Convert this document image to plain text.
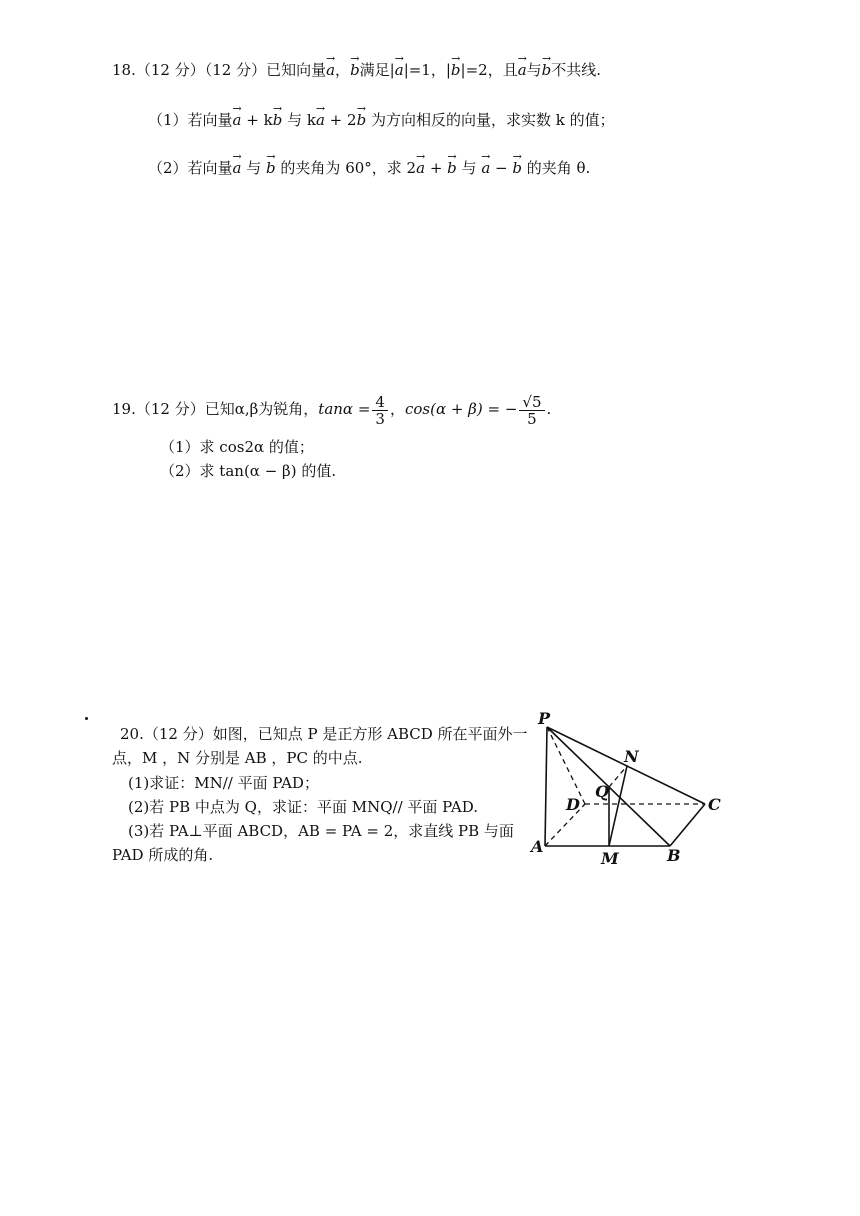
18.（12 分）（12 分）已知向量→ a，→ b满足|→ a|=1，|→ b|=2，且→ a与→ b不共线.
（1）若向量→ a + k→ b 与 k→ a + 2→ b 为方向相反的向量，求实数 k 的值；
（2）若向量→ a 与 → b 的夹角为 60°，求 2→ a + → b 与 → a − → b 的夹角 θ.
19.（12 分）已知α,β为锐角，$\tan\alpha = \frac{4}{3}$ ，cos(α + β) = − $\frac{√5}{5}$ .
（1）求 cos2α 的值；
（2）求 tan(α − β) 的值.
20.（12 分）如图，已知点 P 是正方形 ABCD 所在平面外一
点，M ，N 分别是 AB ，PC 的中点.
(1)求证：MN// 平面 PAD；
(2)若 PB 中点为 Q，求证：平面 MNQ// 平面 PAD.
(3)若 PA⊥平面 ABCD，AB = PA = 2，求直线 PB 与面
PAD 所成的角.
P
N
Q
D	C
A
M	B
